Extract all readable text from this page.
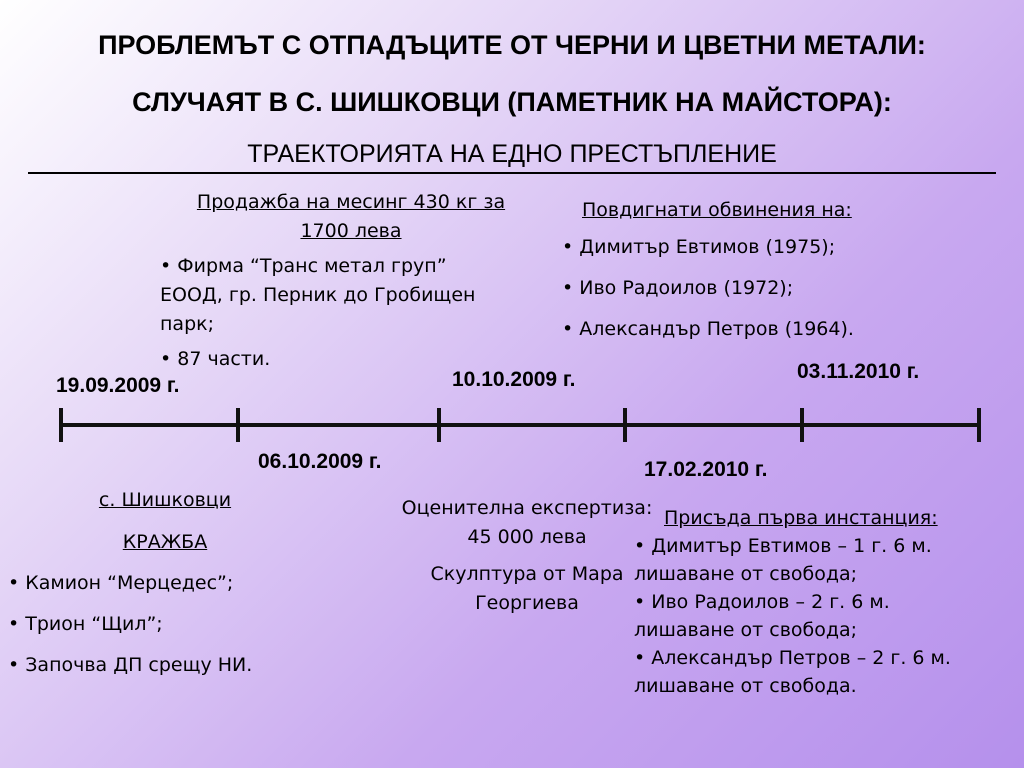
ПРОБЛЕМЪТ С ОТПАДЪЦИТЕ ОТ ЧЕРНИ И ЦВЕТНИ МЕТАЛИ:
СЛУЧАЯТ В С. ШИШКОВЦИ (ПАМЕТНИК НА МАЙСТОРА):
ТРАЕКТОРИЯТА НА ЕДНО ПРЕСТЪПЛЕНИЕ
Продажба на месинг 430 кг за
1700 лева
• Фирма “Транс метал груп”
ЕООД, гр. Перник до Гробищен
парк;
• 87 части.
Повдигнати обвинения на:
• Димитър Евтимов (1975);
• Иво Радоилов (1972);
• Александър Петров (1964).
19.09.2009 г.	10.10.2009 г.	03.11.2010 г.
06.10.2009 г.	17.02.2010 г.
с. Шишковци
КРАЖБА
• Камион “Мерцедес”;
• Трион “Щил”;
• Започва ДП срещу НИ.
Оценителна експертиза:
45 000 лева
Скулптура от Мара
Георгиева
Присъда първа инстанция:
• Димитър Евтимов – 1 г. 6 м.
лишаване от свобода;
• Иво Радоилов – 2 г. 6 м.
лишаване от свобода;
• Александър Петров – 2 г. 6 м.
лишаване от свобода.
